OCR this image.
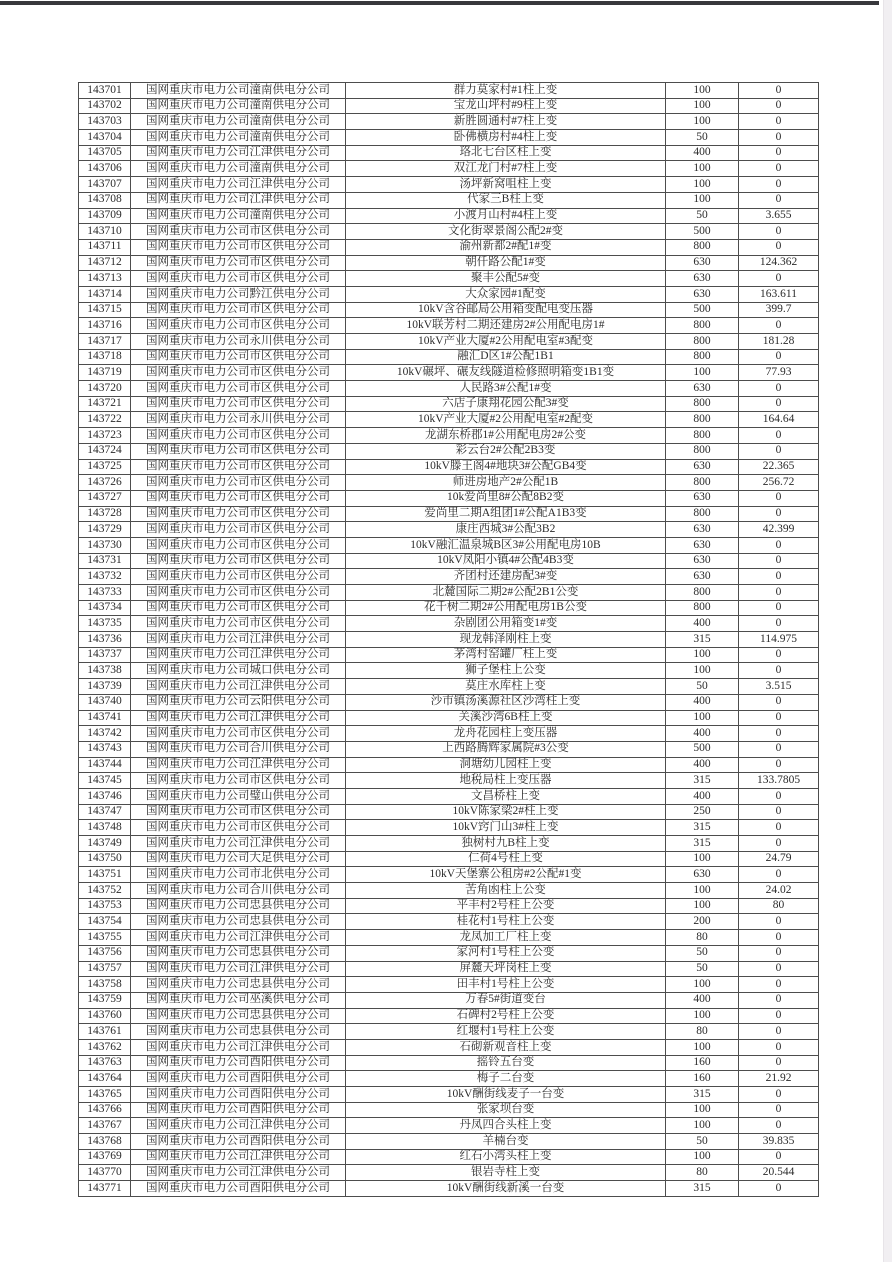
143701	国网重庆市电力公司潼南供电分公司	群力莫家村#1柱上变	100	0
143702	国网重庆市电力公司潼南供电分公司	宝龙山坪村#9柱上变	100	0
143703	国网重庆市电力公司潼南供电分公司	新胜圆通村#7柱上变	100	0
143704	国网重庆市电力公司潼南供电分公司	卧佛横房村#4柱上变	50	0
143705	国网重庆市电力公司江津供电分公司	珞北七台区柱上变	400	0
143706	国网重庆市电力公司潼南供电分公司	双江龙门村#7柱上变	100	0
143707	国网重庆市电力公司江津供电分公司	汤坪新窝咀柱上变	100	0
143708	国网重庆市电力公司江津供电分公司	代家三B柱上变	100	0
143709	国网重庆市电力公司潼南供电分公司	小渡月山村#4柱上变	50	3.655
143710	国网重庆市电力公司市区供电分公司	文化街翠景阁公配2#变	500	0
143711	国网重庆市电力公司市区供电分公司	渝州新都2#配1#变	800	0
143712	国网重庆市电力公司市区供电分公司	朝仟路公配1#变	630	124.362
143713	国网重庆市电力公司市区供电分公司	聚丰公配5#变	630	0
143714	国网重庆市电力公司黔江供电分公司	大众家园#1配变	630	163.611
143715	国网重庆市电力公司市区供电分公司	10kV含谷邮局公用箱变配电变压器	500	399.7
143716	国网重庆市电力公司市区供电分公司	10kV联芳村二期还建房2#公用配电房1#	800	0
143717	国网重庆市电力公司永川供电分公司	10kV产业大厦#2公用配电室#3配变	800	181.28
143718	国网重庆市电力公司市区供电分公司	融汇D区1#公配1B1	800	0
143719	国网重庆市电力公司市区供电分公司	10kV碾坪、碾友线隧道检修照明箱变1B1变	100	77.93
143720	国网重庆市电力公司市区供电分公司	人民路3#公配1#变	630	0
143721	国网重庆市电力公司市区供电分公司	六店子康翔花园公配3#变	800	0
143722	国网重庆市电力公司永川供电分公司	10kV产业大厦#2公用配电室#2配变	800	164.64
143723	国网重庆市电力公司市区供电分公司	龙湖东桥郡1#公用配电房2#公变	800	0
143724	国网重庆市电力公司市区供电分公司	彩云台2#公配2B3变	800	0
143725	国网重庆市电力公司市区供电分公司	10kV滕王阁4#地块3#公配GB4变	630	22.365
143726	国网重庆市电力公司市区供电分公司	师进房地产2#公配1B	800	256.72
143727	国网重庆市电力公司市区供电分公司	10k爱尚里8#公配8B2变	630	0
143728	国网重庆市电力公司市区供电分公司	爱尚里二期A组团1#公配A1B3变	800	0
143729	国网重庆市电力公司市区供电分公司	康庄西城3#公配3B2	630	42.399
143730	国网重庆市电力公司市区供电分公司	10kV融汇温泉城B区3#公用配电房10B	630	0
143731	国网重庆市电力公司市区供电分公司	10kV凤阳小镇4#公配4B3变	630	0
143732	国网重庆市电力公司市区供电分公司	齐团村还建房配3#变	630	0
143733	国网重庆市电力公司市区供电分公司	北麓国际二期2#公配2B1公变	800	0
143734	国网重庆市电力公司市区供电分公司	花千树二期2#公用配电房1B公变	800	0
143735	国网重庆市电力公司市区供电分公司	杂剧团公用箱变1#变	400	0
143736	国网重庆市电力公司江津供电分公司	现龙韩泽刚柱上变	315	114.975
143737	国网重庆市电力公司江津供电分公司	茅湾村窑罐厂柱上变	100	0
143738	国网重庆市电力公司城口供电分公司	狮子堡柱上公变	100	0
143739	国网重庆市电力公司江津供电分公司	莫庄水库柱上变	50	3.515
143740	国网重庆市电力公司云阳供电分公司	沙市镇汤溪源社区沙湾柱上变	400	0
143741	国网重庆市电力公司江津供电分公司	关溪沙湾6B柱上变	100	0
143742	国网重庆市电力公司市区供电分公司	龙舟花园柱上变压器	400	0
143743	国网重庆市电力公司合川供电分公司	上西路腾辉家属院#3公变	500	0
143744	国网重庆市电力公司江津供电分公司	洞塘幼儿园柱上变	400	0
143745	国网重庆市电力公司市区供电分公司	地税局柱上变压器	315	133.7805
143746	国网重庆市电力公司璧山供电分公司	文昌桥柱上变	400	0
143747	国网重庆市电力公司市区供电分公司	10kV陈家梁2#柱上变	250	0
143748	国网重庆市电力公司市区供电分公司	10kV窍门山3#柱上变	315	0
143749	国网重庆市电力公司江津供电分公司	独树村九B柱上变	315	0
143750	国网重庆市电力公司大足供电分公司	仁荷4号柱上变	100	24.79
143751	国网重庆市电力公司市北供电分公司	10kV天堡寨公租房#2公配#1变	630	0
143752	国网重庆市电力公司合川供电分公司	苦角凼柱上公变	100	24.02
143753	国网重庆市电力公司忠县供电分公司	平丰村2号柱上公变	100	80
143754	国网重庆市电力公司忠县供电分公司	桂花村1号柱上公变	200	0
143755	国网重庆市电力公司江津供电分公司	龙凤加工厂柱上变	80	0
143756	国网重庆市电力公司忠县供电分公司	家河村1号柱上公变	50	0
143757	国网重庆市电力公司江津供电分公司	屏麓天坪岗柱上变	50	0
143758	国网重庆市电力公司忠县供电分公司	田丰村1号柱上公变	100	0
143759	国网重庆市电力公司巫溪供电分公司	万春5#街道变台	400	0
143760	国网重庆市电力公司忠县供电分公司	石碑村2号柱上公变	100	0
143761	国网重庆市电力公司忠县供电分公司	红堰村1号柱上公变	80	0
143762	国网重庆市电力公司江津供电分公司	石砌新观音柱上变	100	0
143763	国网重庆市电力公司酉阳供电分公司	摇铃五台变	160	0
143764	国网重庆市电力公司酉阳供电分公司	梅子二台变	160	21.92
143765	国网重庆市电力公司酉阳供电分公司	10kV酬街线麦子一台变	315	0
143766	国网重庆市电力公司酉阳供电分公司	张家坝台变	100	0
143767	国网重庆市电力公司江津供电分公司	丹凤四合头柱上变	100	0
143768	国网重庆市电力公司酉阳供电分公司	羊楠台变	50	39.835
143769	国网重庆市电力公司江津供电分公司	红石小湾头柱上变	100	0
143770	国网重庆市电力公司江津供电分公司	银岩寺柱上变	80	20.544
143771	国网重庆市电力公司酉阳供电分公司	10kV酬街线新溪一台变	315	0
